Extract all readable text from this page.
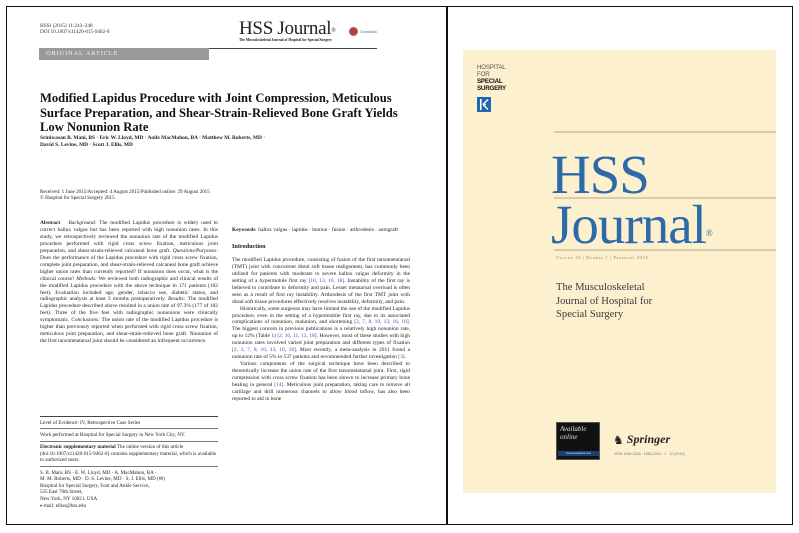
HSSJ (2015) 11:243–248
DOI 10.1007/s11420-015-9462-8	HSS Journal®
The Musculoskeletal Journal of Hospital for Special Surgery
CrossMark
ORIGINAL ARTICLE
Modified Lapidus Procedure with Joint Compression, Meticulous Surface Preparation, and Shear-Strain-Relieved Bone Graft Yields Low Nonunion Rate
Sriniwasan B. Mani, BS · Eric W. Lloyd, MD · Aoife MacMahon, BA · Matthew M. Roberts, MD ·
David S. Levine, MD · Scott J. Ellis, MD
Received: 1 June 2015/Accepted: 4 August 2015/Published online: 29 August 2015
© Hospital for Special Surgery 2015
Abstract Background: The modified Lapidus procedure is widely used to correct hallux valgus but has been reported with high nonunion rates. In this study, we retrospectively reviewed the nonunion rate of the modified Lapidus procedure performed with rigid cross screw fixation, meticulous joint preparation, and shear-strain-relieved calcaneal bone graft. Questions/Purposes: Does the performance of the Lapidus procedure with rigid cross screw fixation, complete joint preparation, and shear-strain-relieved calcaneal bone graft achieve higher union rates than currently reported? If nonunion does occur, what is the clinical course? Methods: We reviewed both radiographic and clinical results of the modified Lapidus procedure with the above technique in 171 patients (182 feet). Evaluation included age, gender, tobacco use, diabetic status, and radiographic analysis at least 3 months postoperatively. Results: The modified Lapidus procedure described above resulted in a union rate of 97.3% (177 of 182 feet). Three of the five feet with radiographic nonunions were clinically symptomatic. Conclusions: The union rate of the modified Lapidus procedure is higher than previously reported when performed with rigid cross screw fixation, meticulous joint preparation, and shear-strain-relieved bone graft. Nonunion of the first tarsometatarsal joint should be considered an infrequent occurrence.
Level of Evidence: IV, Retrospective Case Series
Work performed at Hospital for Special Surgery in New York City, NY.
Electronic supplementary material The online version of this article (doi:10.1007/s11420-015-9462-8) contains supplementary material, which is available to authorized users.
S. B. Mani, BS · E. W. Lloyd, MD · A. MacMahon, BA ·
M. M. Roberts, MD · D. S. Levine, MD · S. J. Ellis, MD (✉)
Hospital for Special Surgery, Foot and Ankle Service,
535 East 70th Street,
New York, NY 10021, USA
e-mail: elliss@hss.edu
Keywords hallux valgus · lapidus · bunion · fusion · arthrodesis · autograft
Introduction
The modified Lapidus procedure, consisting of fusion of the first tarsometatarsal (TMT) joint with concurrent distal soft tissue realignment, has commonly been utilized for patients with moderate to severe hallux valgus deformity in the setting of a hypermobile first ray [10, 13, 16, 18]. Instability of the first ray is believed to contribute to deformity and pain. Lesser metatarsal overload is often seen as a result of first ray instability. Arthrodesis of the first TMT joint with distal soft tissue procedures effectively resolves instability, deformity, and pain.
Historically, some surgeons may have limited the use of the modified Lapidus procedure, even in the setting of a hypermobile first ray, due to its associated complications of nonunion, malunion, and shortening [2, 7, 8, 10, 13, 16, 18]. The biggest concern in previous publications is a relatively high nonunion rate, up to 12% (Table 1) [2, 10, 11, 13, 18]. However, most of these studies with high nonunion rates involved varied joint preparation and different types of fixation [2, 3, 7, 8, 10, 13, 16, 18]. Most recently, a meta-analysis in 2011 found a nonunion rate of 5% in 537 patients and recommended further investigation [3].
Various components of the surgical technique have been described to theoretically increase the union rate of the first tarsometatarsal joint. First, rigid compression with cross screw fixation has been shown to increase primary bone healing in general [14]. Meticulous joint preparation, taking care to remove all cartilage and drill numerous channels to allow blood inflow, has also been reported to aid in bone
HOSPITAL
FOR
SPECIAL
SURGERY
HSS
Journal®
Volume 10 | Number 1 | February 2014
The Musculoskeletal
Journal of Hospital for
Special Surgery
Available
online
www.springerlink.com
♞ Springer
ISSN 1556-3316 · 1556-3324 · 1 · 10 (2014)
